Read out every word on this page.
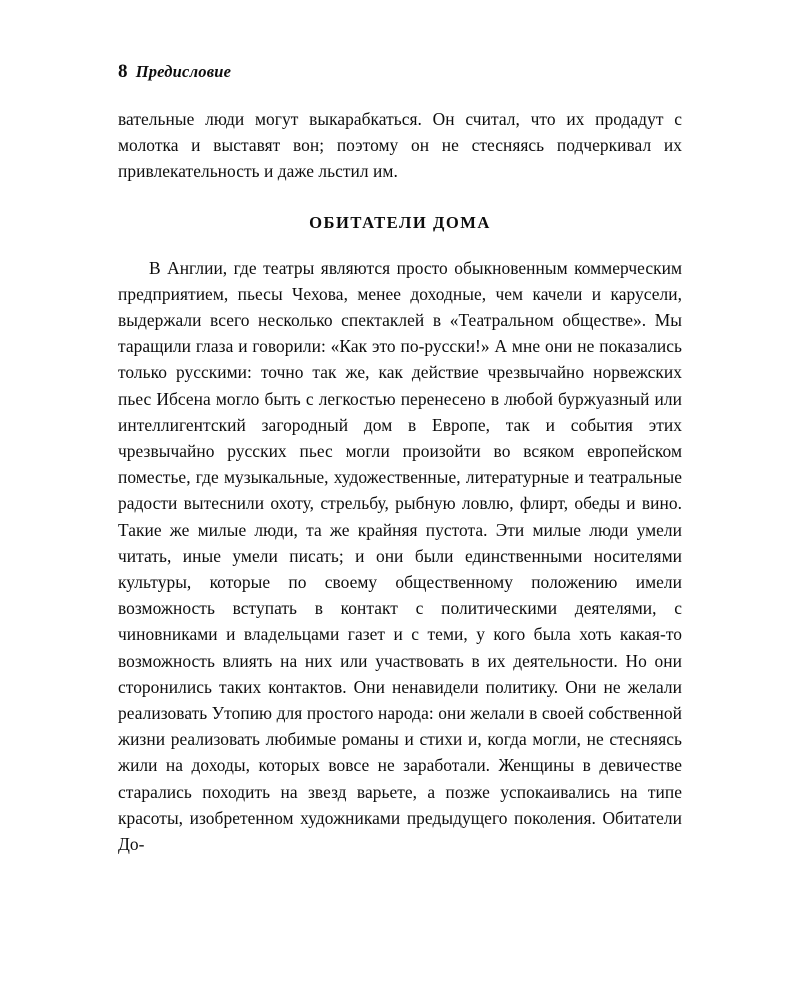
8 Предисловие

вательные люди могут выкарабкаться. Он считал, что их продадут с молотка и выставят вон; поэтому он не стесняясь подчеркивал их привлекательность и даже льстил им.

ОБИТАТЕЛИ ДОМА

В Англии, где театры являются просто обыкновенным коммерческим предприятием, пьесы Чехова, менее доходные, чем качели и карусели, выдержали всего несколько спектаклей в «Театральном обществе». Мы таращили глаза и говорили: «Как это по-русски!» А мне они не показались только русскими: точно так же, как действие чрезвычайно норвежских пьес Ибсена могло быть с легкостью перенесено в любой буржуазный или интеллигентский загородный дом в Европе, так и события этих чрезвычайно русских пьес могли произойти во всяком европейском поместье, где музыкальные, художественные, литературные и театральные радости вытеснили охоту, стрельбу, рыбную ловлю, флирт, обеды и вино. Такие же милые люди, та же крайняя пустота. Эти милые люди умели читать, иные умели писать; и они были единственными носителями культуры, которые по своему общественному положению имели возможность вступать в контакт с политическими деятелями, с чиновниками и владельцами газет и с теми, у кого была хоть какая-то возможность влиять на них или участвовать в их деятельности. Но они сторонились таких контактов. Они ненавидели политику. Они не желали реализовать Утопию для простого народа: они желали в своей собственной жизни реализовать любимые романы и стихи и, когда могли, не стесняясь жили на доходы, которых вовсе не заработали. Женщины в девичестве старались походить на звезд варьете, а позже успокаивались на типе красоты, изобретенном художниками предыдущего поколения. Обитатели До-
